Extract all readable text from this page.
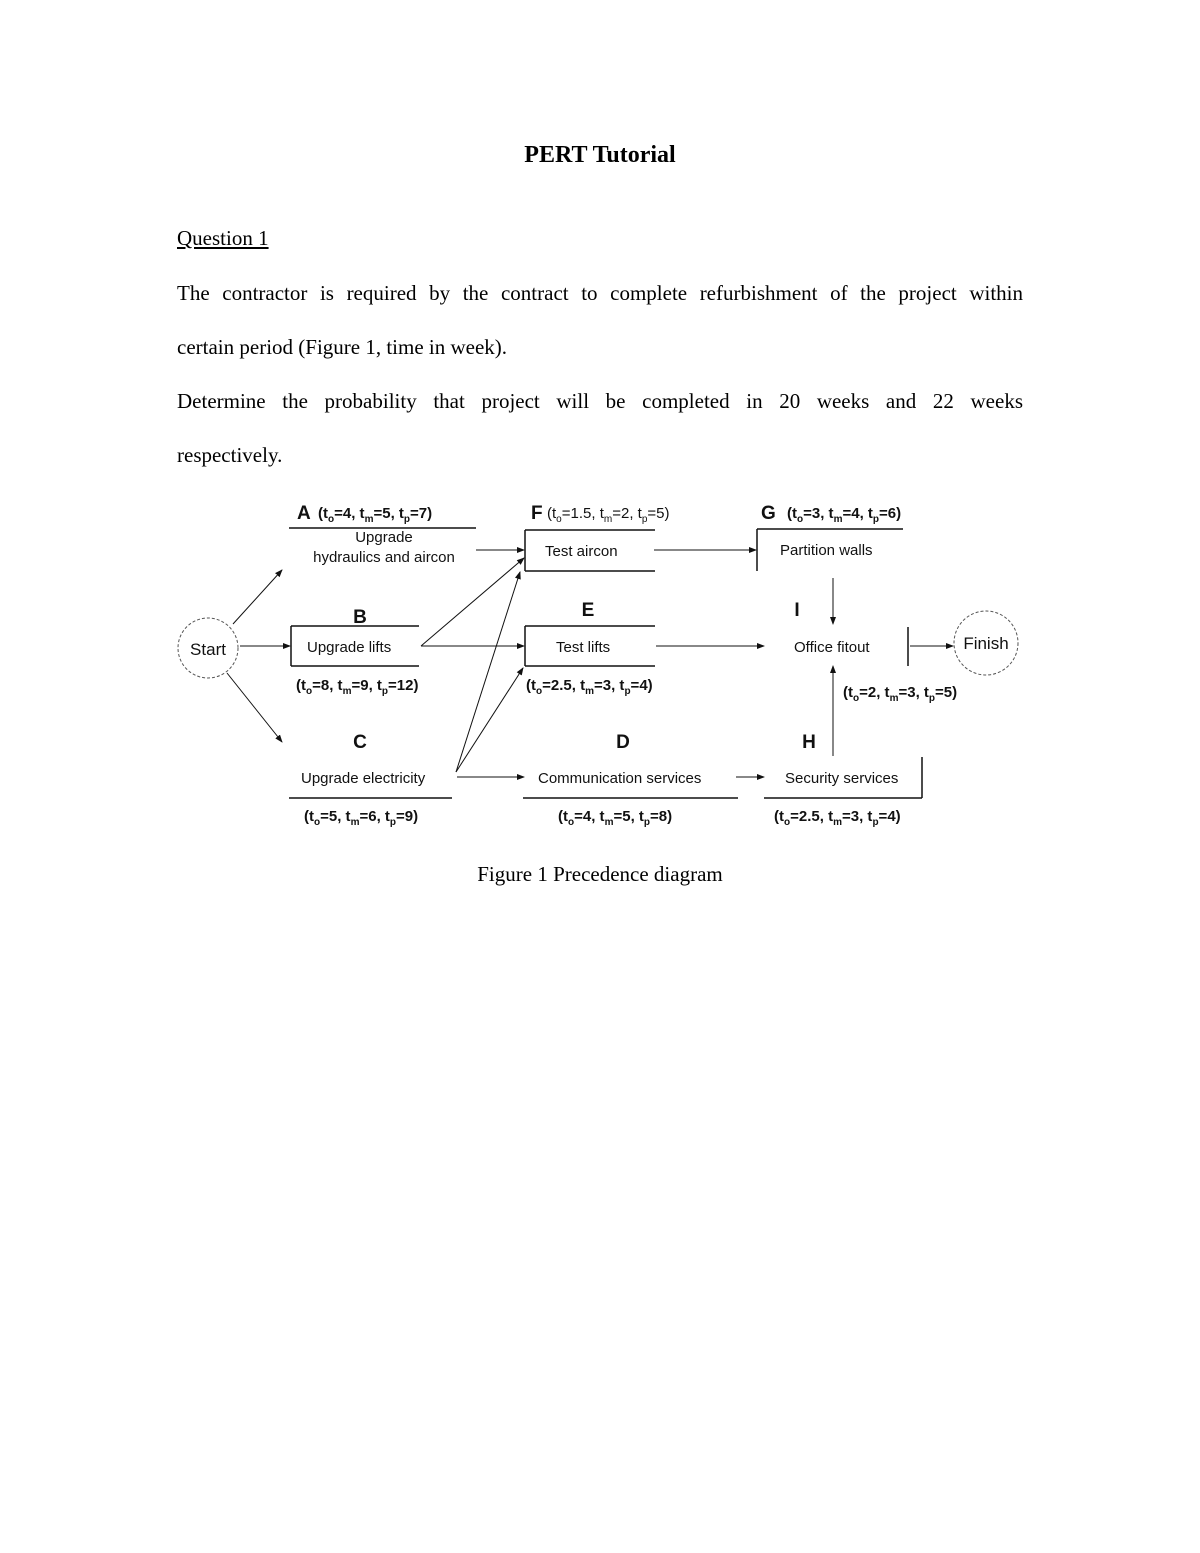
PERT Tutorial
Question 1
The contractor is required by the contract to complete refurbishment of the project within
certain period (Figure 1, time in week).
Determine the probability that project will be completed in 20 weeks and 22 weeks
respectively.
Start	Finish
A ($t_o=4$, $t_m=5$, $t_p=7$)
Upgrade
hydraulics and aircon
B
Upgrade lifts
($t_o=8$, $t_m=9$, $t_p=12$)
C
Upgrade electricity
($t_o=5$, $t_m=6$, $t_p=9$)
F ($t_o=1.5$, $t_m=2$, $t_p=5$)
Test aircon
E
Test lifts
($t_o=2.5$, $t_m=3$, $t_p=4$)
D
Communication services
($t_o=4$, $t_m=5$, $t_p=8$)
G ($t_o=3$, $t_m=4$, $t_p=6$)
Partition walls
I
Office fitout
($t_o=2$, $t_m=3$, $t_p=5$)
H
Security services
($t_o=2.5$, $t_m=3$, $t_p=4$)
Figure 1 Precedence diagram
